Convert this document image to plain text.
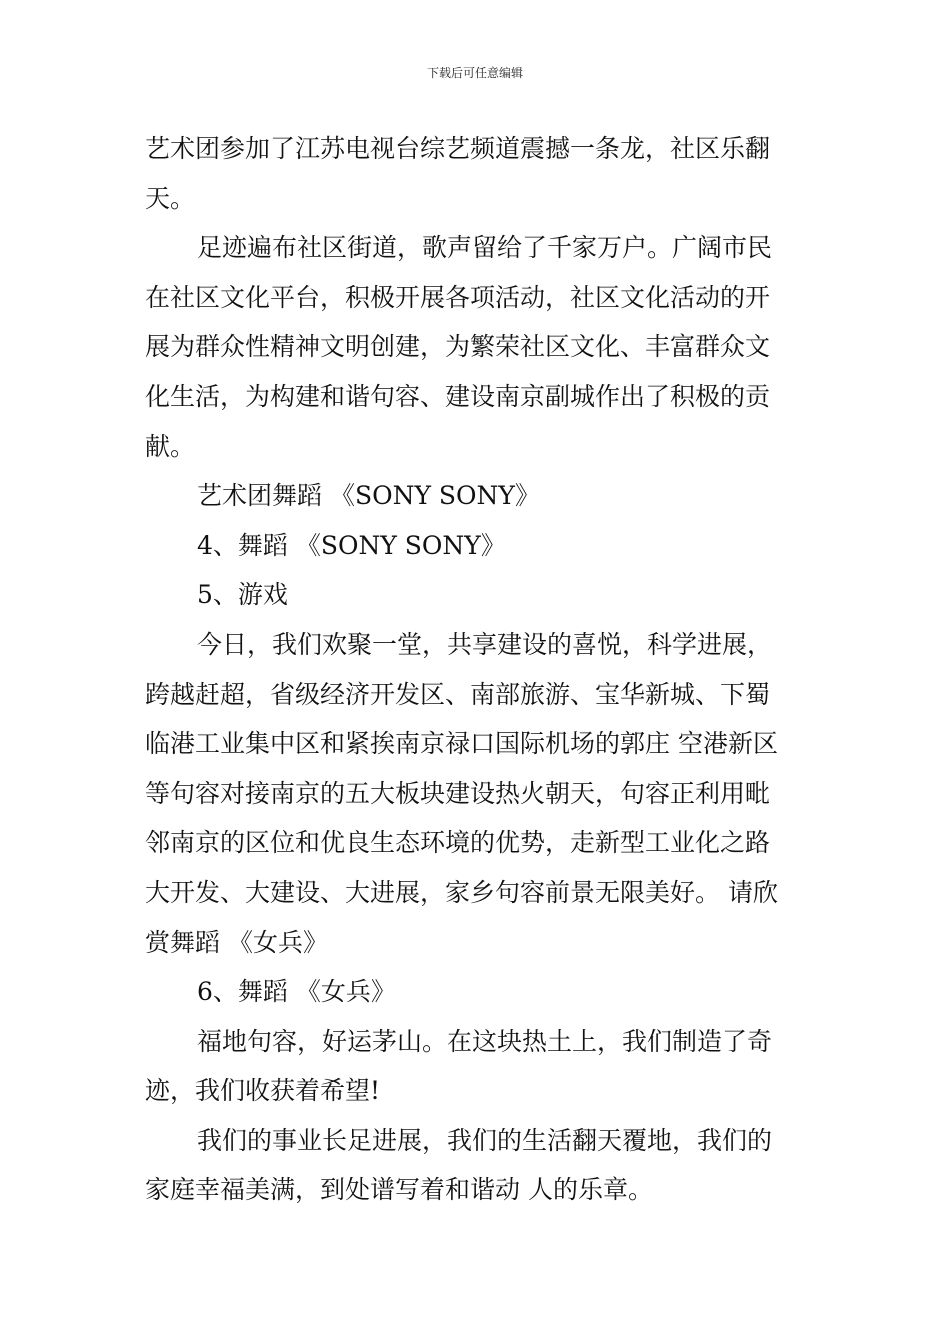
下载后可任意编辑
艺术团参加了江苏电视台综艺频道震撼一条龙，社区乐翻
天。
足迹遍布社区街道，歌声留给了千家万户。广阔市民
在社区文化平台，积极开展各项活动，社区文化活动的开
展为群众性精神文明创建，为繁荣社区文化、丰富群众文
化生活，为构建和谐句容、建设南京副城作出了积极的贡
献。
艺术团舞蹈 《SONY SONY》
4、舞蹈 《SONY SONY》
5、游戏
今日，我们欢聚一堂，共享建设的喜悦，科学进展，
跨越赶超，省级经济开发区、南部旅游、宝华新城、下蜀
临港工业集中区和紧挨南京禄口国际机场的郭庄 空港新区
等句容对接南京的五大板块建设热火朝天，句容正利用毗
邻南京的区位和优良生态环境的优势，走新型工业化之路
大开发、大建设、大进展，家乡句容前景无限美好。 请欣
赏舞蹈 《女兵》
6、舞蹈 《女兵》
福地句容，好运茅山。在这块热土上，我们制造了奇
迹，我们收获着希望!
我们的事业长足进展，我们的生活翻天覆地，我们的
家庭幸福美满，到处谱写着和谐动 人的乐章。
